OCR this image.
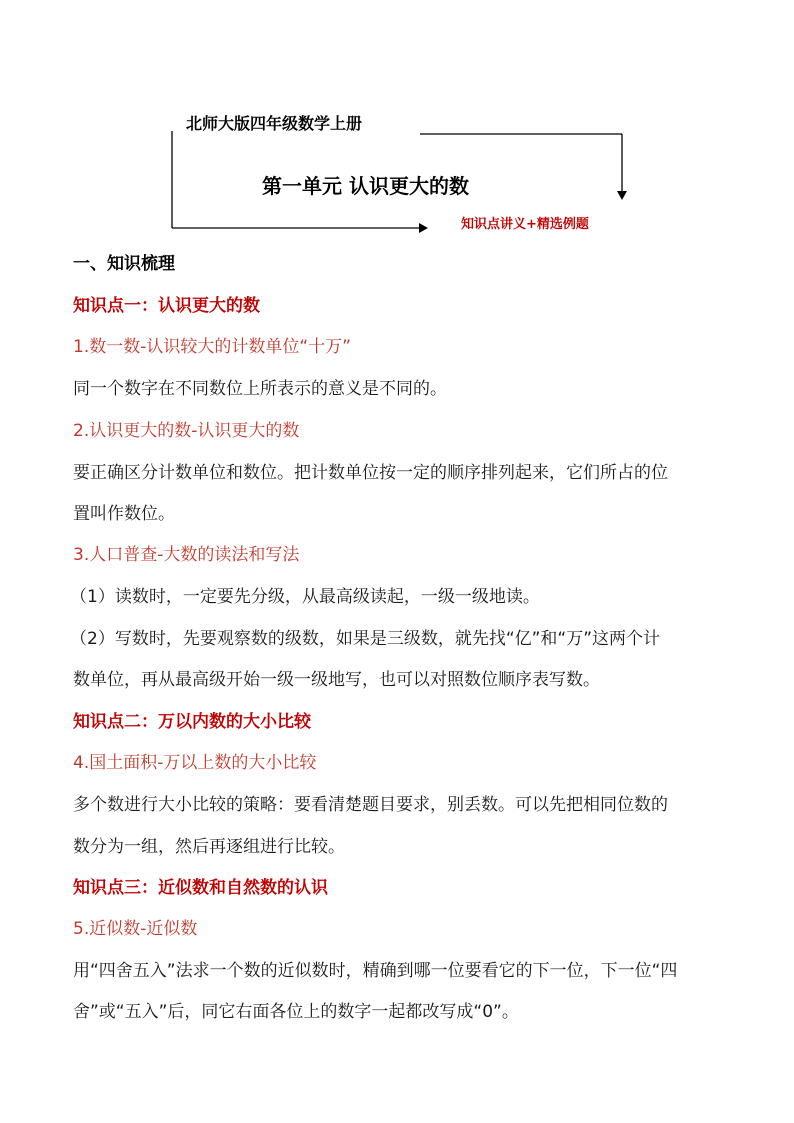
北师大版四年级数学上册
第一单元 认识更大的数
知识点讲义+精选例题
一、知识梳理
知识点一：认识更大的数
1.数一数-认识较大的计数单位“十万”
同一个数字在不同数位上所表示的意义是不同的。
2.认识更大的数-认识更大的数
要正确区分计数单位和数位。把计数单位按一定的顺序排列起来，它们所占的位
置叫作数位。
3.人口普查-大数的读法和写法
（1）读数时，一定要先分级，从最高级读起，一级一级地读。
（2）写数时，先要观察数的级数，如果是三级数，就先找“亿”和“万”这两个计
数单位，再从最高级开始一级一级地写，也可以对照数位顺序表写数。
知识点二：万以内数的大小比较
4.国土面积-万以上数的大小比较
多个数进行大小比较的策略：要看清楚题目要求，别丢数。可以先把相同位数的
数分为一组，然后再逐组进行比较。
知识点三：近似数和自然数的认识
5.近似数-近似数
用“四舍五入”法求一个数的近似数时，精确到哪一位要看它的下一位，下一位“四
舍”或“五入”后，同它右面各位上的数字一起都改写成“0”。
